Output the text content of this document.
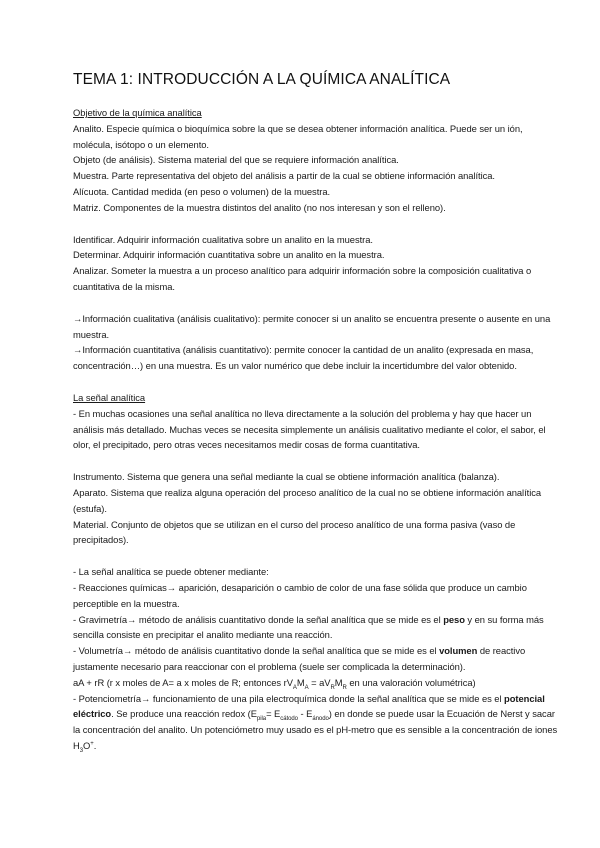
TEMA 1: INTRODUCCIÓN A LA QUÍMICA ANALÍTICA

Objetivo de la química analítica

Analito. Especie química o bioquímica sobre la que se desea obtener información analítica. Puede ser un ión, molécula, isótopo o un elemento.

Objeto (de análisis). Sistema material del que se requiere información analítica.

Muestra. Parte representativa del objeto del análisis a partir de la cual se obtiene información analítica.

Alícuota. Cantidad medida (en peso o volumen) de la muestra.

Matriz. Componentes de la muestra distintos del analito (no nos interesan y son el relleno).

Identificar. Adquirir información cualitativa sobre un analito en la muestra.

Determinar. Adquirir información cuantitativa sobre un analito en la muestra.

Analizar. Someter la muestra a un proceso analítico para adquirir información sobre la composición cualitativa o cuantitativa de la misma.

→Información cualitativa (análisis cualitativo): permite conocer si un analito se encuentra presente o ausente en una muestra.

→Información cuantitativa (análisis cuantitativo): permite conocer la cantidad de un analito (expresada en masa, concentración…) en una muestra. Es un valor numérico que debe incluir la incertidumbre del valor obtenido.

La señal analítica

- En muchas ocasiones una señal analítica no lleva directamente a la solución del problema y hay que hacer un análisis más detallado. Muchas veces se necesita simplemente un análisis cualitativo mediante el color, el sabor, el olor, el precipitado, pero otras veces necesitamos medir cosas de forma cuantitativa.

Instrumento. Sistema que genera una señal mediante la cual se obtiene información analítica (balanza).

Aparato. Sistema que realiza alguna operación del proceso analítico de la cual no se obtiene información analítica (estufa).

Material. Conjunto de objetos que se utilizan en el curso del proceso analítico de una forma pasiva (vaso de precipitados).

- La señal analítica se puede obtener mediante:

- Reacciones químicas→ aparición, desaparición o cambio de color de una fase sólida que produce un cambio perceptible en la muestra.

- Gravimetría→ método de análisis cuantitativo donde la señal analítica que se mide es el peso y en su forma más sencilla consiste en precipitar el analito mediante una reacción.

- Volumetría→ método de análisis cuantitativo donde la señal analítica que se mide es el volumen de reactivo justamente necesario para reaccionar con el problema (suele ser complicada la determinación).

aA + rR (r x moles de A= a x moles de R; entonces $rV_AM_A = aV_RM_R$ en una valoración volumétrica)

- Potenciometría→ funcionamiento de una pila electroquímica donde la señal analítica que se mide es el potencial eléctrico. Se produce una reacción redox $(E_{pila}= E_{cátodo} - E_{ánodo})$ en donde se puede usar la Ecuación de Nerst y sacar la concentración del analito. Un potenciómetro muy usado es el pH-metro que es sensible a la concentración de iones $H_3O^+$.
